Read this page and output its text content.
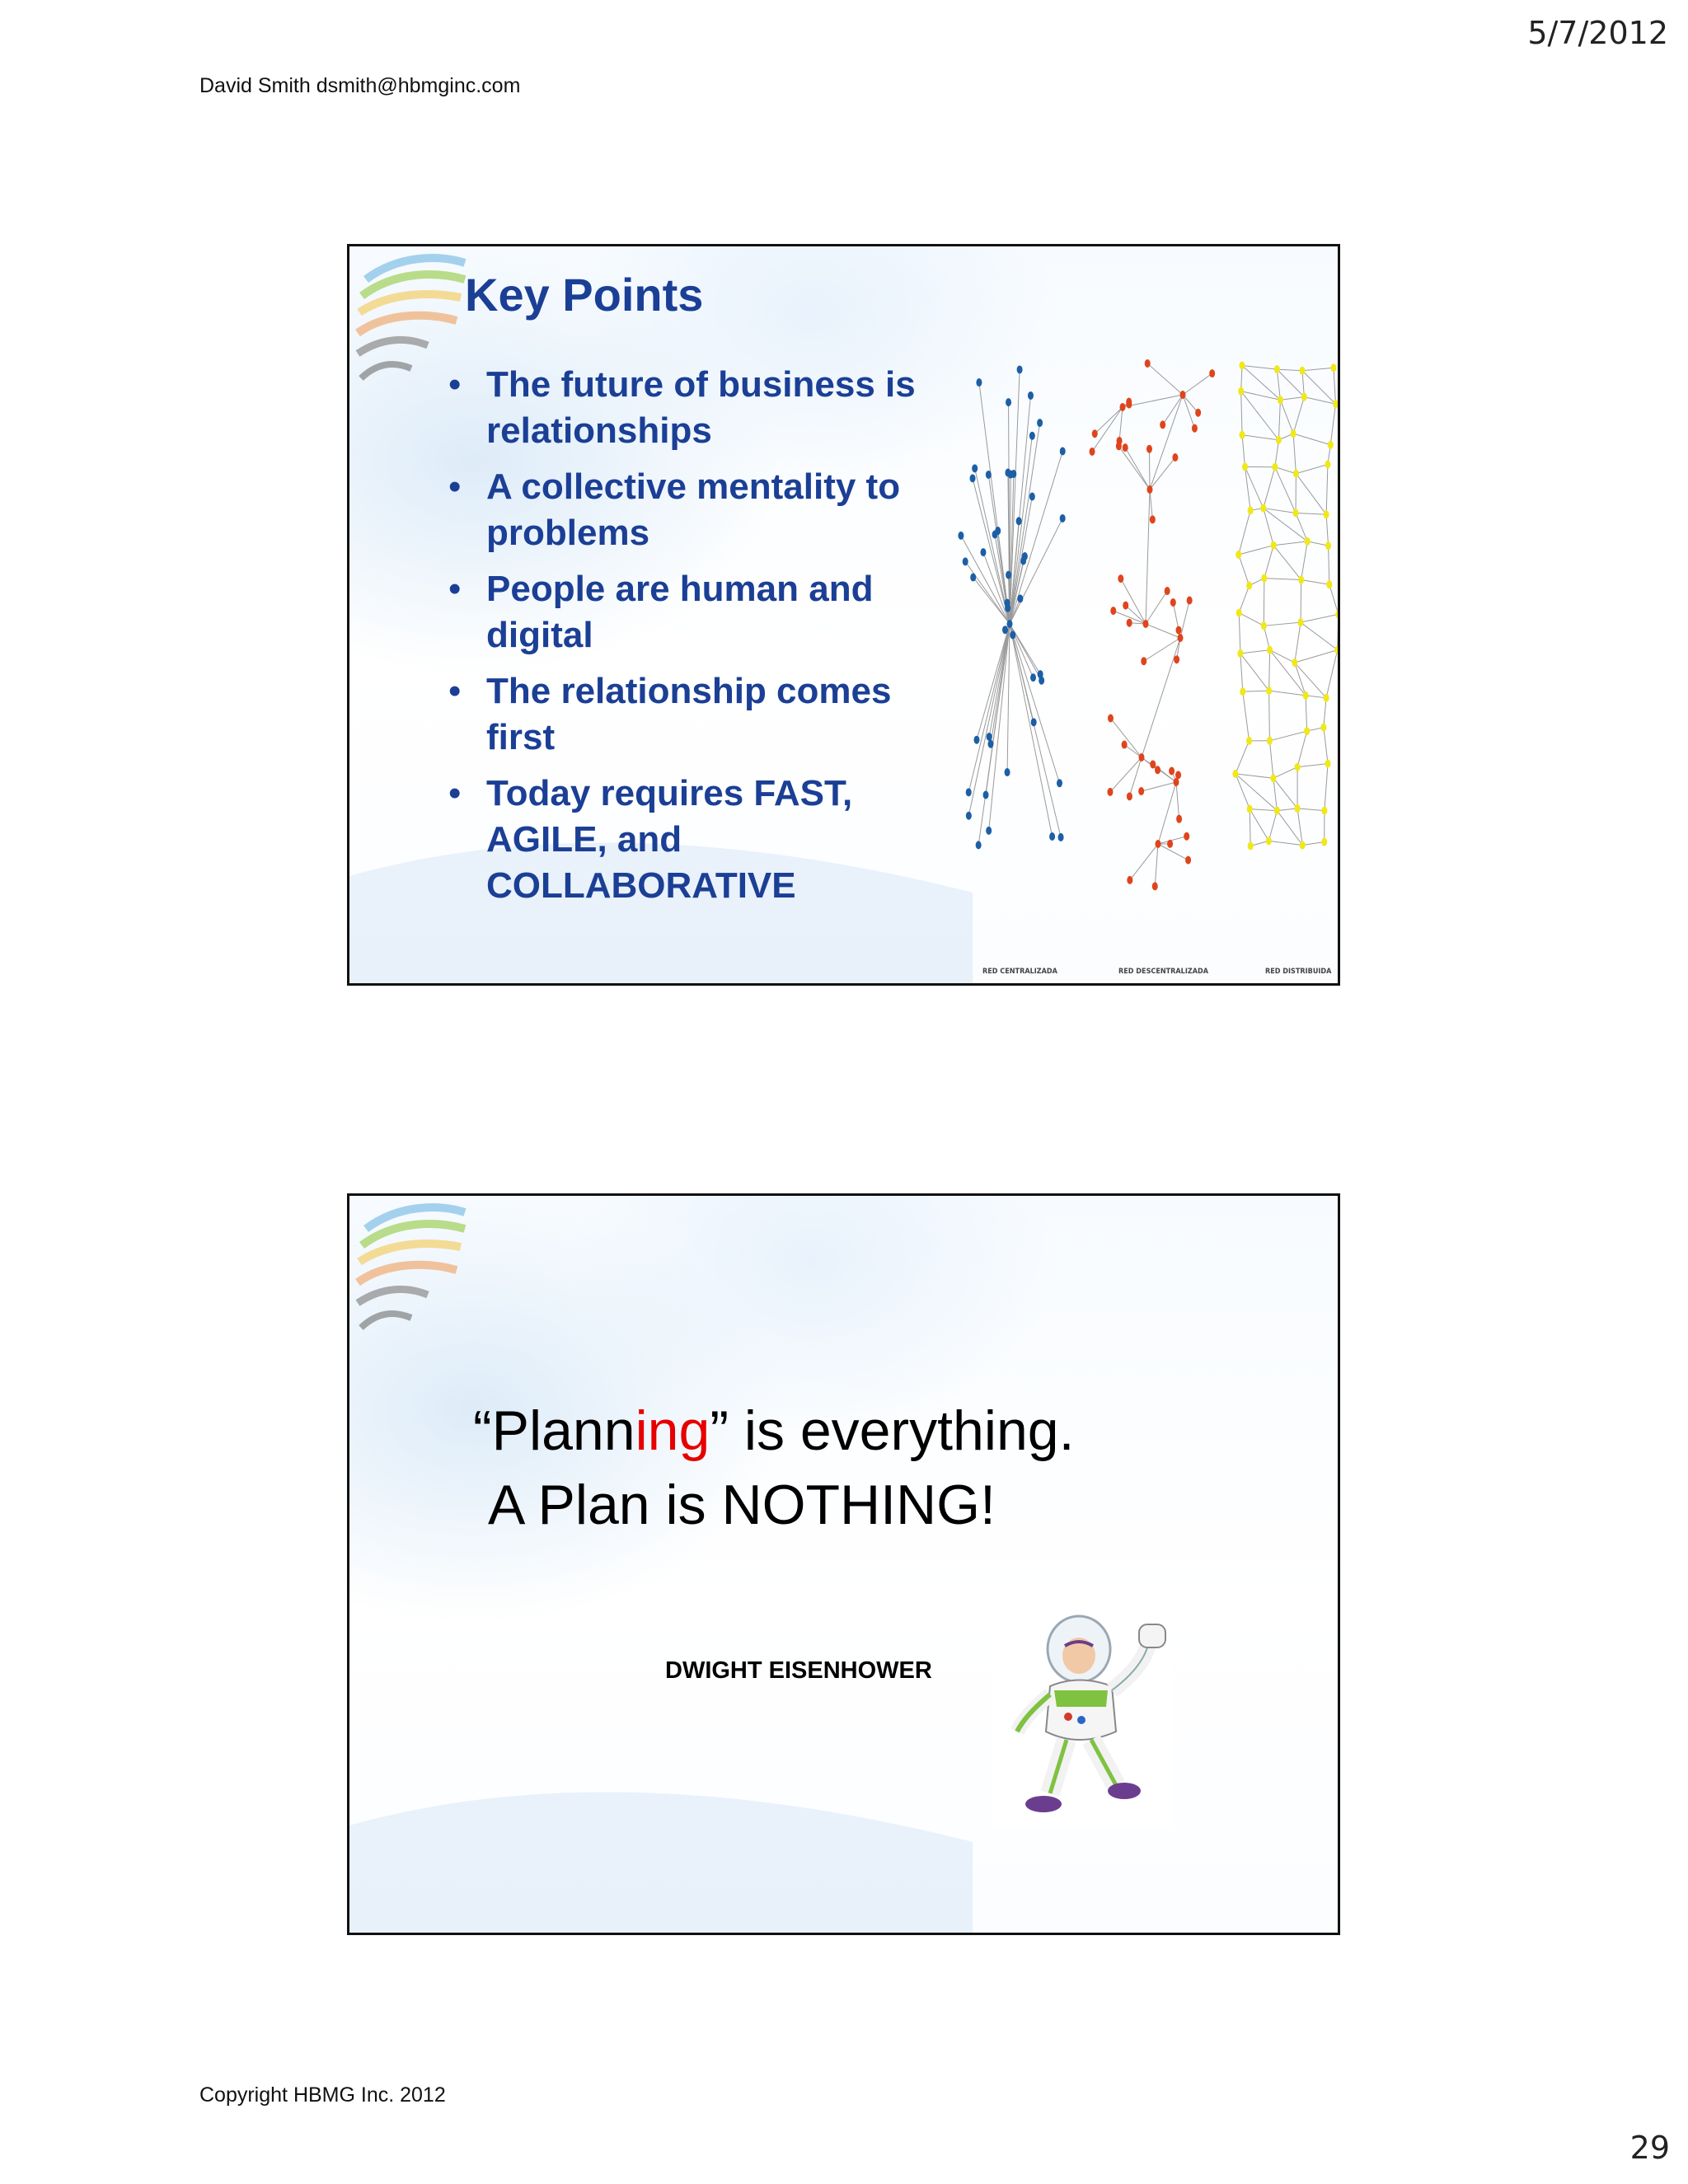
5/7/2012
David Smith dsmith@hbmginc.com
Key Points
• The future of business is relationships
• A collective mentality to problems
• People are human and digital
• The relationship comes first
• Today requires FAST, AGILE, and COLLABORATIVE
RED CENTRALIZADA	RED DESCENTRALIZADA	RED DISTRIBUIDA
“Planning” is everything.
A Plan is NOTHING!
DWIGHT EISENHOWER
Copyright HBMG Inc. 2012
29
